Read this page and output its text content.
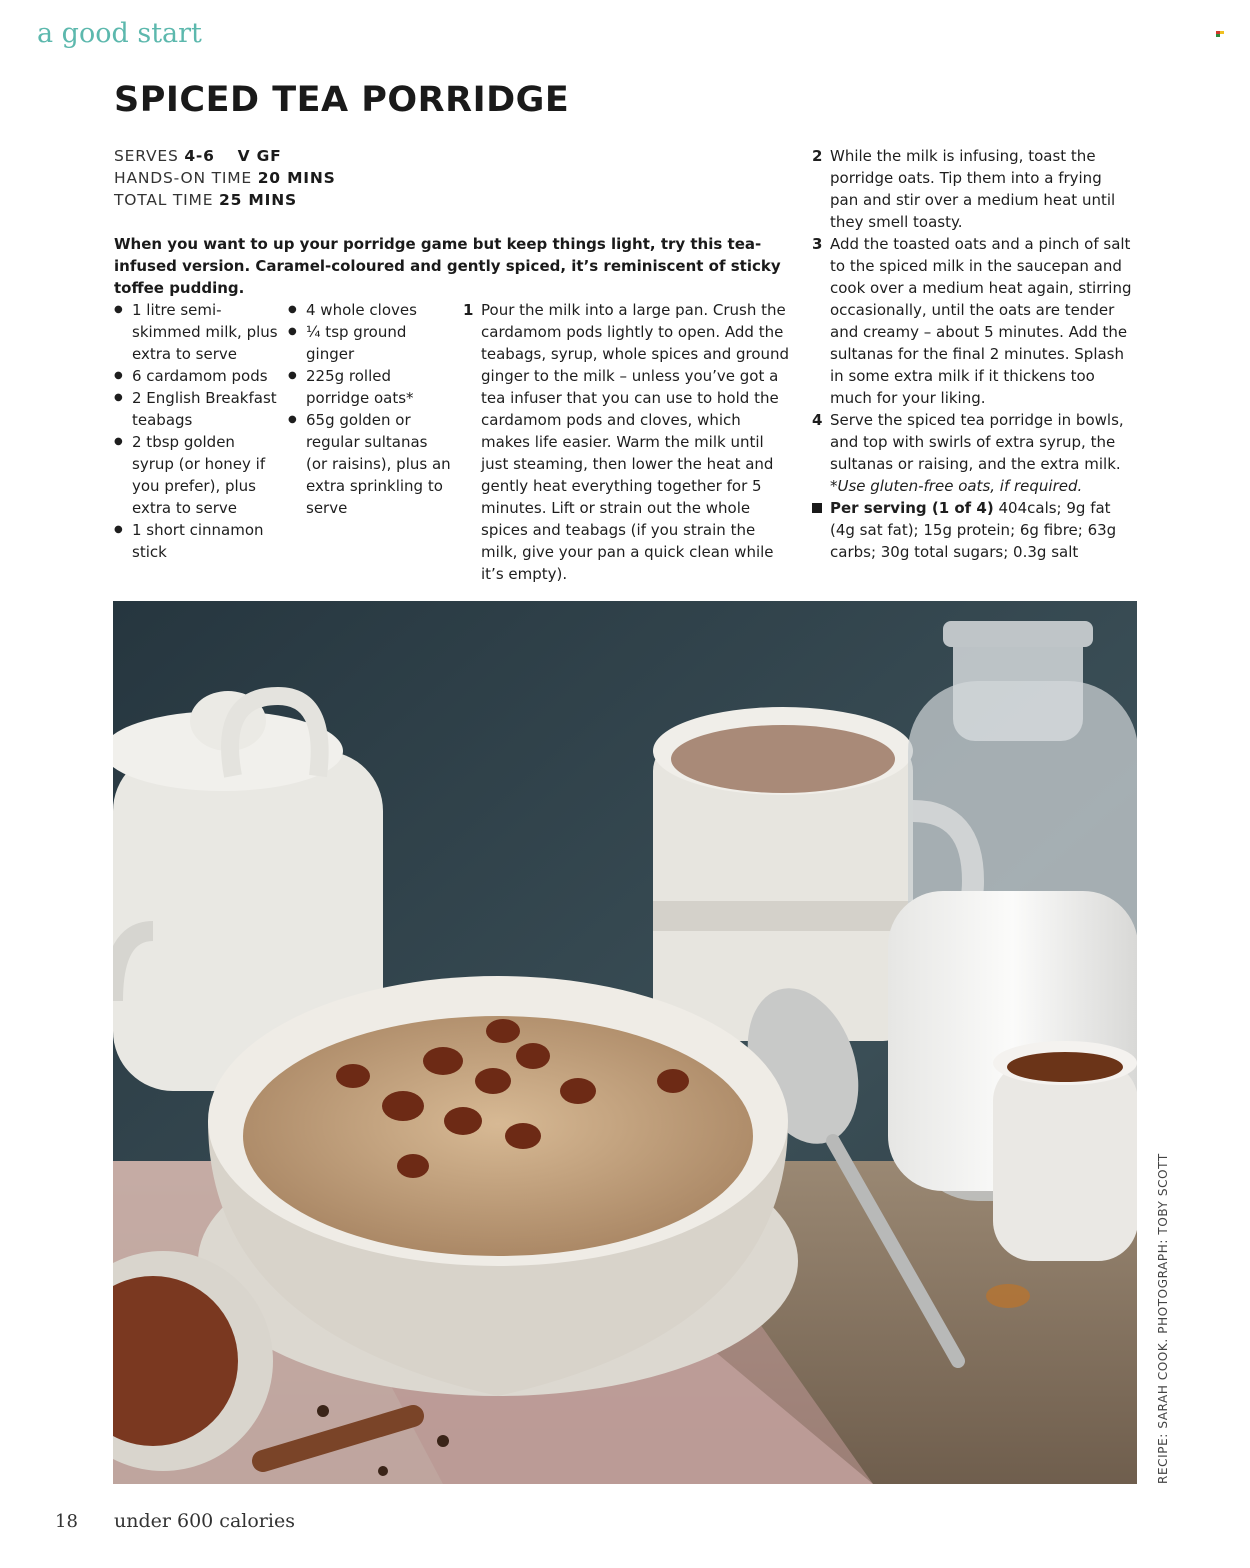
a good start
SPICED TEA PORRIDGE
SERVES 4-6 V GF
HANDS-ON TIME 20 MINS
TOTAL TIME 25 MINS
When you want to up your porridge game but keep things light, try this tea-infused version. Caramel-coloured and gently spiced, it’s reminiscent of sticky toffee pudding.
● 1 litre semi-skimmed milk, plus extra to serve
● 6 cardamom pods
● 2 English Breakfast teabags
● 2 tbsp golden syrup (or honey if you prefer), plus extra to serve
● 1 short cinnamon stick
● 4 whole cloves
● ¼ tsp ground ginger
● 225g rolled porridge oats*
● 65g golden or regular sultanas (or raisins), plus an extra sprinkling to serve
1 Pour the milk into a large pan. Crush the cardamom pods lightly to open. Add the teabags, syrup, whole spices and ground ginger to the milk – unless you’ve got a tea infuser that you can use to hold the cardamom pods and cloves, which makes life easier. Warm the milk until just steaming, then lower the heat and gently heat everything together for 5 minutes. Lift or strain out the whole spices and teabags (if you strain the milk, give your pan a quick clean while it’s empty).
2 While the milk is infusing, toast the porridge oats. Tip them into a frying pan and stir over a medium heat until they smell toasty.
3 Add the toasted oats and a pinch of salt to the spiced milk in the saucepan and cook over a medium heat again, stirring occasionally, until the oats are tender and creamy – about 5 minutes. Add the sultanas for the final 2 minutes. Splash in some extra milk if it thickens too much for your liking.
4 Serve the spiced tea porridge in bowls, and top with swirls of extra syrup, the sultanas or raising, and the extra milk.
*Use gluten-free oats, if required.
Per serving (1 of 4) 404cals; 9g fat (4g sat fat); 15g protein; 6g fibre; 63g carbs; 30g total sugars; 0.3g salt
RECIPE: SARAH COOK. PHOTOGRAPH: TOBY SCOTT
18 under 600 calories
